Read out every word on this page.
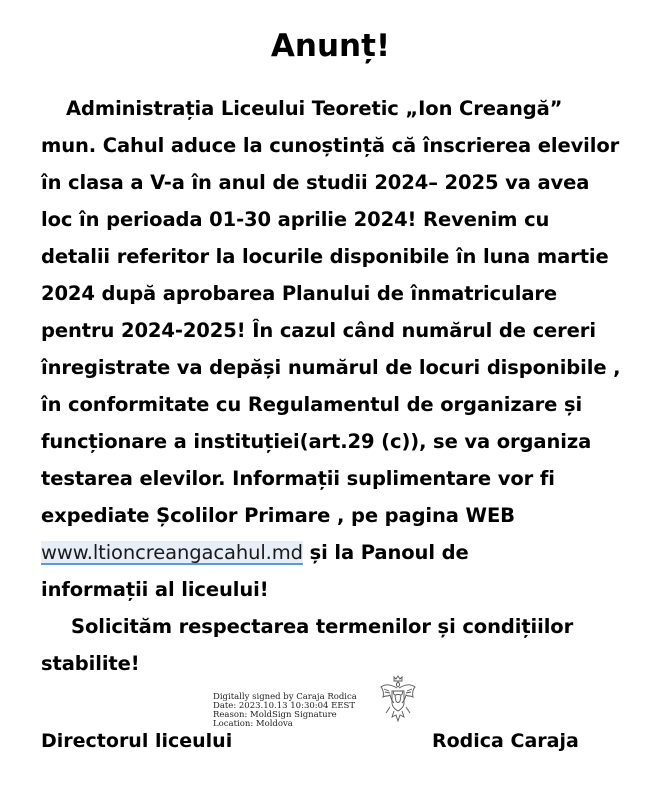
Anunț!
Administrația Liceului Teoretic „Ion Creangă”
mun. Cahul aduce la cunoștință că înscrierea elevilor
în clasa a V-a în anul de studii 2024– 2025 va avea
loc în perioada 01-30 aprilie 2024! Revenim cu
detalii referitor la locurile disponibile în luna martie
2024 după aprobarea Planului de înmatriculare
pentru 2024-2025! În cazul când numărul de cereri
înregistrate va depăși numărul de locuri disponibile ,
în conformitate cu Regulamentul de organizare și
funcționare a instituției(art.29 (c)), se va organiza
testarea elevilor. Informații suplimentare vor fi
expediate Școlilor Primare , pe pagina WEB
www.ltioncreangacahul.md și la Panoul de
informații al liceului!
Solicităm respectarea termenilor și condițiilor
stabilite!
Digitally signed by Caraja Rodica
Date: 2023.10.13 10:30:04 EEST
Reason: MoldSign Signature
Location: Moldova
Directorul liceului	Rodica Caraja
